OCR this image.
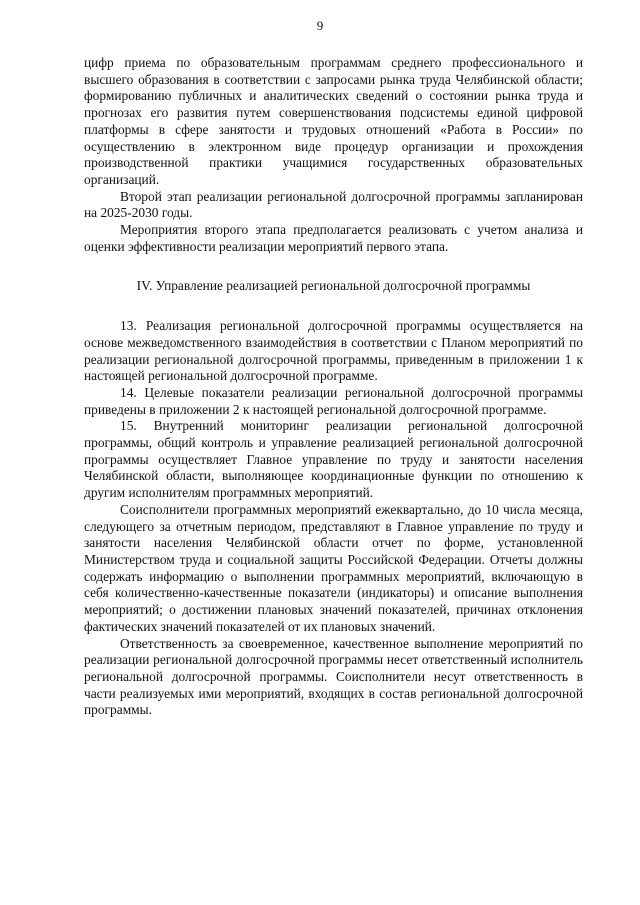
9

цифр приема по образовательным программам среднего профессионального и высшего образования в соответствии с запросами рынка труда Челябинской области; формированию публичных и аналитических сведений о состоянии рынка труда и прогнозах его развития путем совершенствования подсистемы единой цифровой платформы в сфере занятости и трудовых отношений «Работа в России» по осуществлению в электронном виде процедур организации и прохождения производственной практики учащимися государственных образовательных организаций.

Второй этап реализации региональной долгосрочной программы запланирован на 2025-2030 годы.

Мероприятия второго этапа предполагается реализовать с учетом анализа и оценки эффективности реализации мероприятий первого этапа.

IV. Управление реализацией региональной долгосрочной программы

13. Реализация региональной долгосрочной программы осуществляется на основе межведомственного взаимодействия в соответствии с Планом мероприятий по реализации региональной долгосрочной программы, приведенным в приложении 1 к настоящей региональной долгосрочной программе.

14. Целевые показатели реализации региональной долгосрочной программы приведены в приложении 2 к настоящей региональной долгосрочной программе.

15. Внутренний мониторинг реализации региональной долгосрочной программы, общий контроль и управление реализацией региональной долгосрочной программы осуществляет Главное управление по труду и занятости населения Челябинской области, выполняющее координационные функции по отношению к другим исполнителям программных мероприятий.

Соисполнители программных мероприятий ежеквартально, до 10 числа месяца, следующего за отчетным периодом, представляют в Главное управление по труду и занятости населения Челябинской области отчет по форме, установленной Министерством труда и социальной защиты Российской Федерации. Отчеты должны содержать информацию о выполнении программных мероприятий, включающую в себя количественно-качественные показатели (индикаторы) и описание выполнения мероприятий; о достижении плановых значений показателей, причинах отклонения фактических значений показателей от их плановых значений.

Ответственность за своевременное, качественное выполнение мероприятий по реализации региональной долгосрочной программы несет ответственный исполнитель региональной долгосрочной программы. Соисполнители несут ответственность в части реализуемых ими мероприятий, входящих в состав региональной долгосрочной программы.
